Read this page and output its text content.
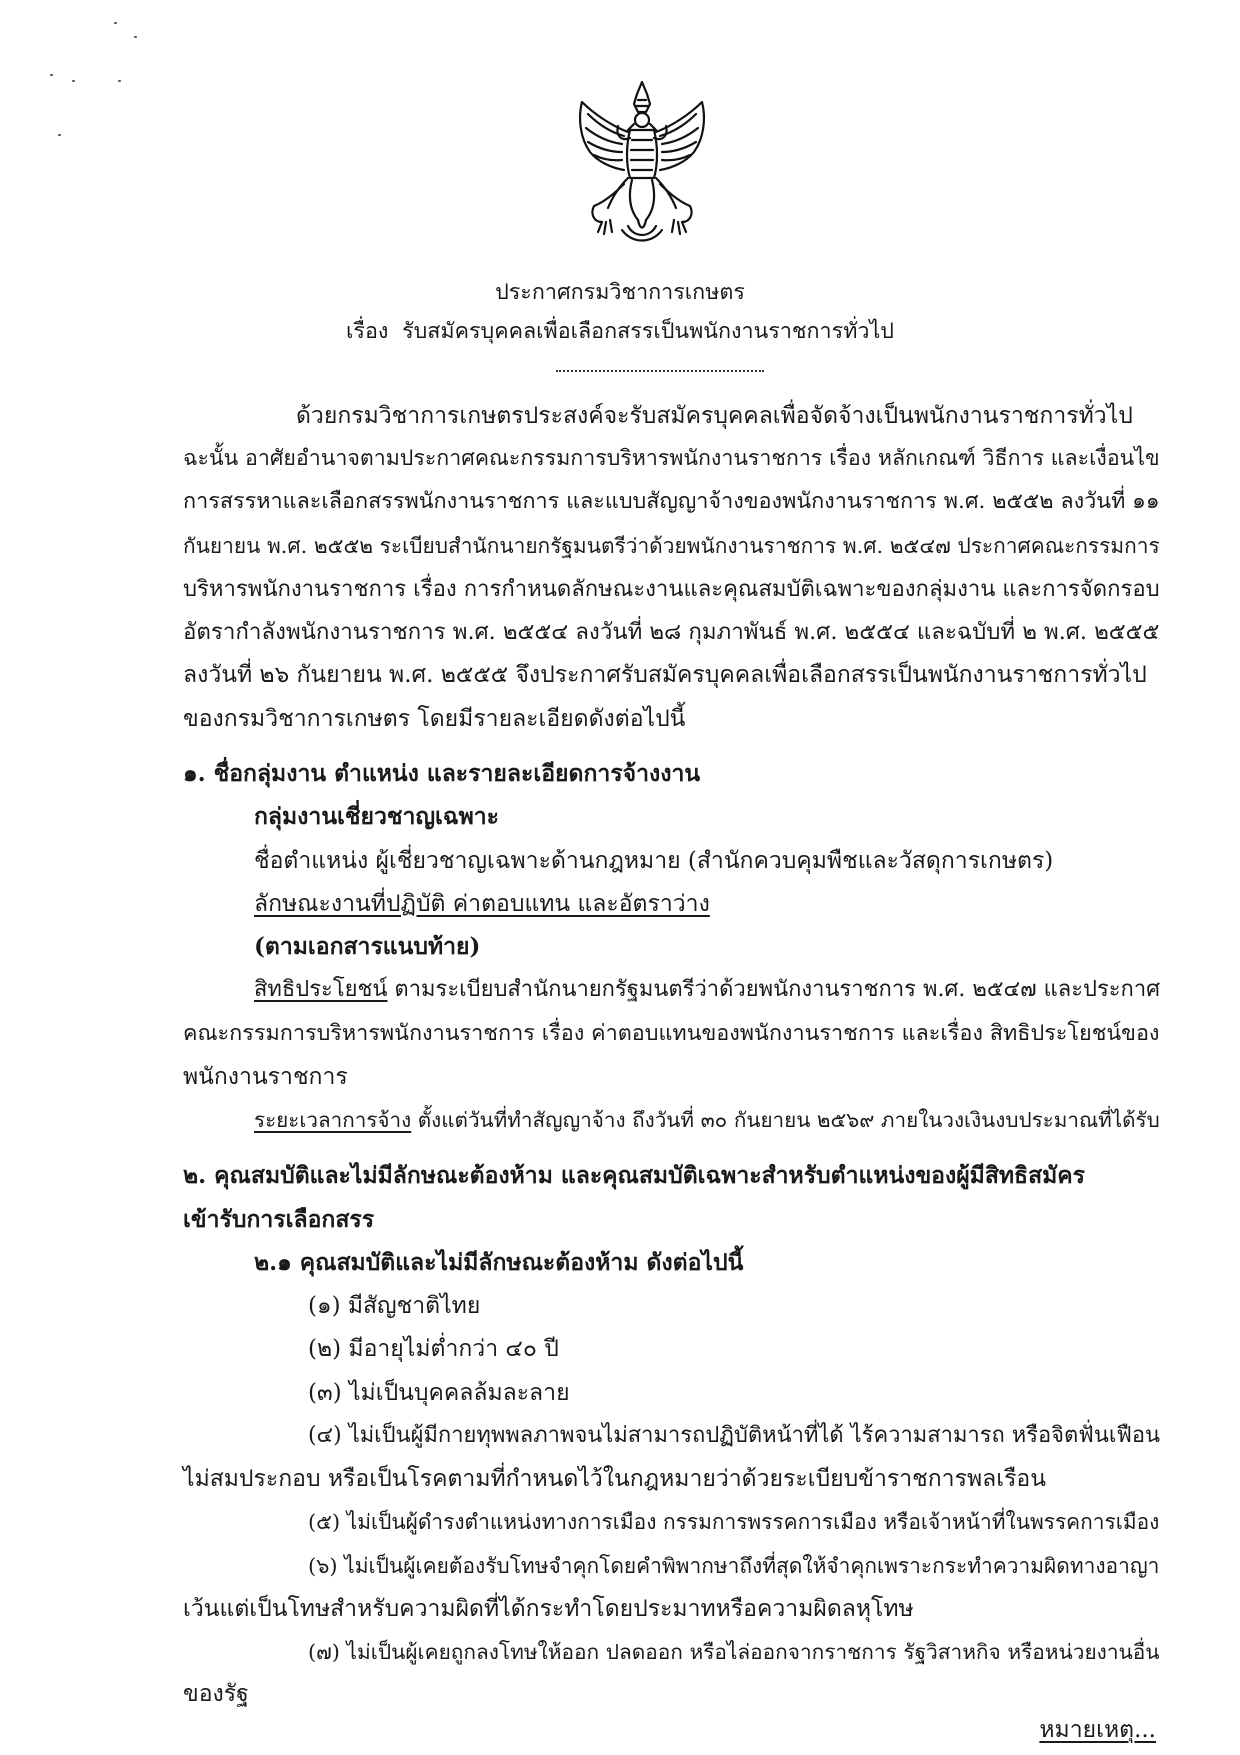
ประกาศกรมวิชาการเกษตร
เรื่อง รับสมัครบุคคลเพื่อเลือกสรรเป็นพนักงานราชการทั่วไป
ด้วยกรมวิชาการเกษตรประสงค์จะรับสมัครบุคคลเพื่อจัดจ้างเป็นพนักงานราชการทั่วไป
ฉะนั้น อาศัยอำนาจตามประกาศคณะกรรมการบริหารพนักงานราชการ เรื่อง หลักเกณฑ์ วิธีการ และเงื่อนไข
การสรรหาและเลือกสรรพนักงานราชการ และแบบสัญญาจ้างของพนักงานราชการ พ.ศ. ๒๕๕๒ ลงวันที่ ๑๑
กันยายน พ.ศ. ๒๕๕๒ ระเบียบสำนักนายกรัฐมนตรีว่าด้วยพนักงานราชการ พ.ศ. ๒๕๔๗ ประกาศคณะกรรมการ
บริหารพนักงานราชการ เรื่อง การกำหนดลักษณะงานและคุณสมบัติเฉพาะของกลุ่มงาน และการจัดกรอบ
อัตรากำลังพนักงานราชการ พ.ศ. ๒๕๕๔ ลงวันที่ ๒๘ กุมภาพันธ์ พ.ศ. ๒๕๕๔ และฉบับที่ ๒ พ.ศ. ๒๕๕๕
ลงวันที่ ๒๖ กันยายน พ.ศ. ๒๕๕๕ จึงประกาศรับสมัครบุคคลเพื่อเลือกสรรเป็นพนักงานราชการทั่วไป
ของกรมวิชาการเกษตร โดยมีรายละเอียดดังต่อไปนี้
๑. ชื่อกลุ่มงาน ตำแหน่ง และรายละเอียดการจ้างงาน
กลุ่มงานเชี่ยวชาญเฉพาะ
ชื่อตำแหน่ง ผู้เชี่ยวชาญเฉพาะด้านกฎหมาย (สำนักควบคุมพืชและวัสดุการเกษตร)
ลักษณะงานที่ปฏิบัติ ค่าตอบแทน และอัตราว่าง
(ตามเอกสารแนบท้าย)
สิทธิประโยชน์ ตามระเบียบสำนักนายกรัฐมนตรีว่าด้วยพนักงานราชการ พ.ศ. ๒๕๔๗ และประกาศ
คณะกรรมการบริหารพนักงานราชการ เรื่อง ค่าตอบแทนของพนักงานราชการ และเรื่อง สิทธิประโยชน์ของ
พนักงานราชการ
ระยะเวลาการจ้าง ตั้งแต่วันที่ทำสัญญาจ้าง ถึงวันที่ ๓๐ กันยายน ๒๕๖๙ ภายในวงเงินงบประมาณที่ได้รับ
๒. คุณสมบัติและไม่มีลักษณะต้องห้าม และคุณสมบัติเฉพาะสำหรับตำแหน่งของผู้มีสิทธิสมัคร
เข้ารับการเลือกสรร
๒.๑ คุณสมบัติและไม่มีลักษณะต้องห้าม ดังต่อไปนี้
(๑) มีสัญชาติไทย
(๒) มีอายุไม่ต่ำกว่า ๔๐ ปี
(๓) ไม่เป็นบุคคลล้มละลาย
(๔) ไม่เป็นผู้มีกายทุพพลภาพจนไม่สามารถปฏิบัติหน้าที่ได้ ไร้ความสามารถ หรือจิตฟั่นเฟือน
ไม่สมประกอบ หรือเป็นโรคตามที่กำหนดไว้ในกฎหมายว่าด้วยระเบียบข้าราชการพลเรือน
(๕) ไม่เป็นผู้ดำรงตำแหน่งทางการเมือง กรรมการพรรคการเมือง หรือเจ้าหน้าที่ในพรรคการเมือง
(๖) ไม่เป็นผู้เคยต้องรับโทษจำคุกโดยคำพิพากษาถึงที่สุดให้จำคุกเพราะกระทำความผิดทางอาญา
เว้นแต่เป็นโทษสำหรับความผิดที่ได้กระทำโดยประมาทหรือความผิดลหุโทษ
(๗) ไม่เป็นผู้เคยถูกลงโทษให้ออก ปลดออก หรือไล่ออกจากราชการ รัฐวิสาหกิจ หรือหน่วยงานอื่น
ของรัฐ
หมายเหตุ...
